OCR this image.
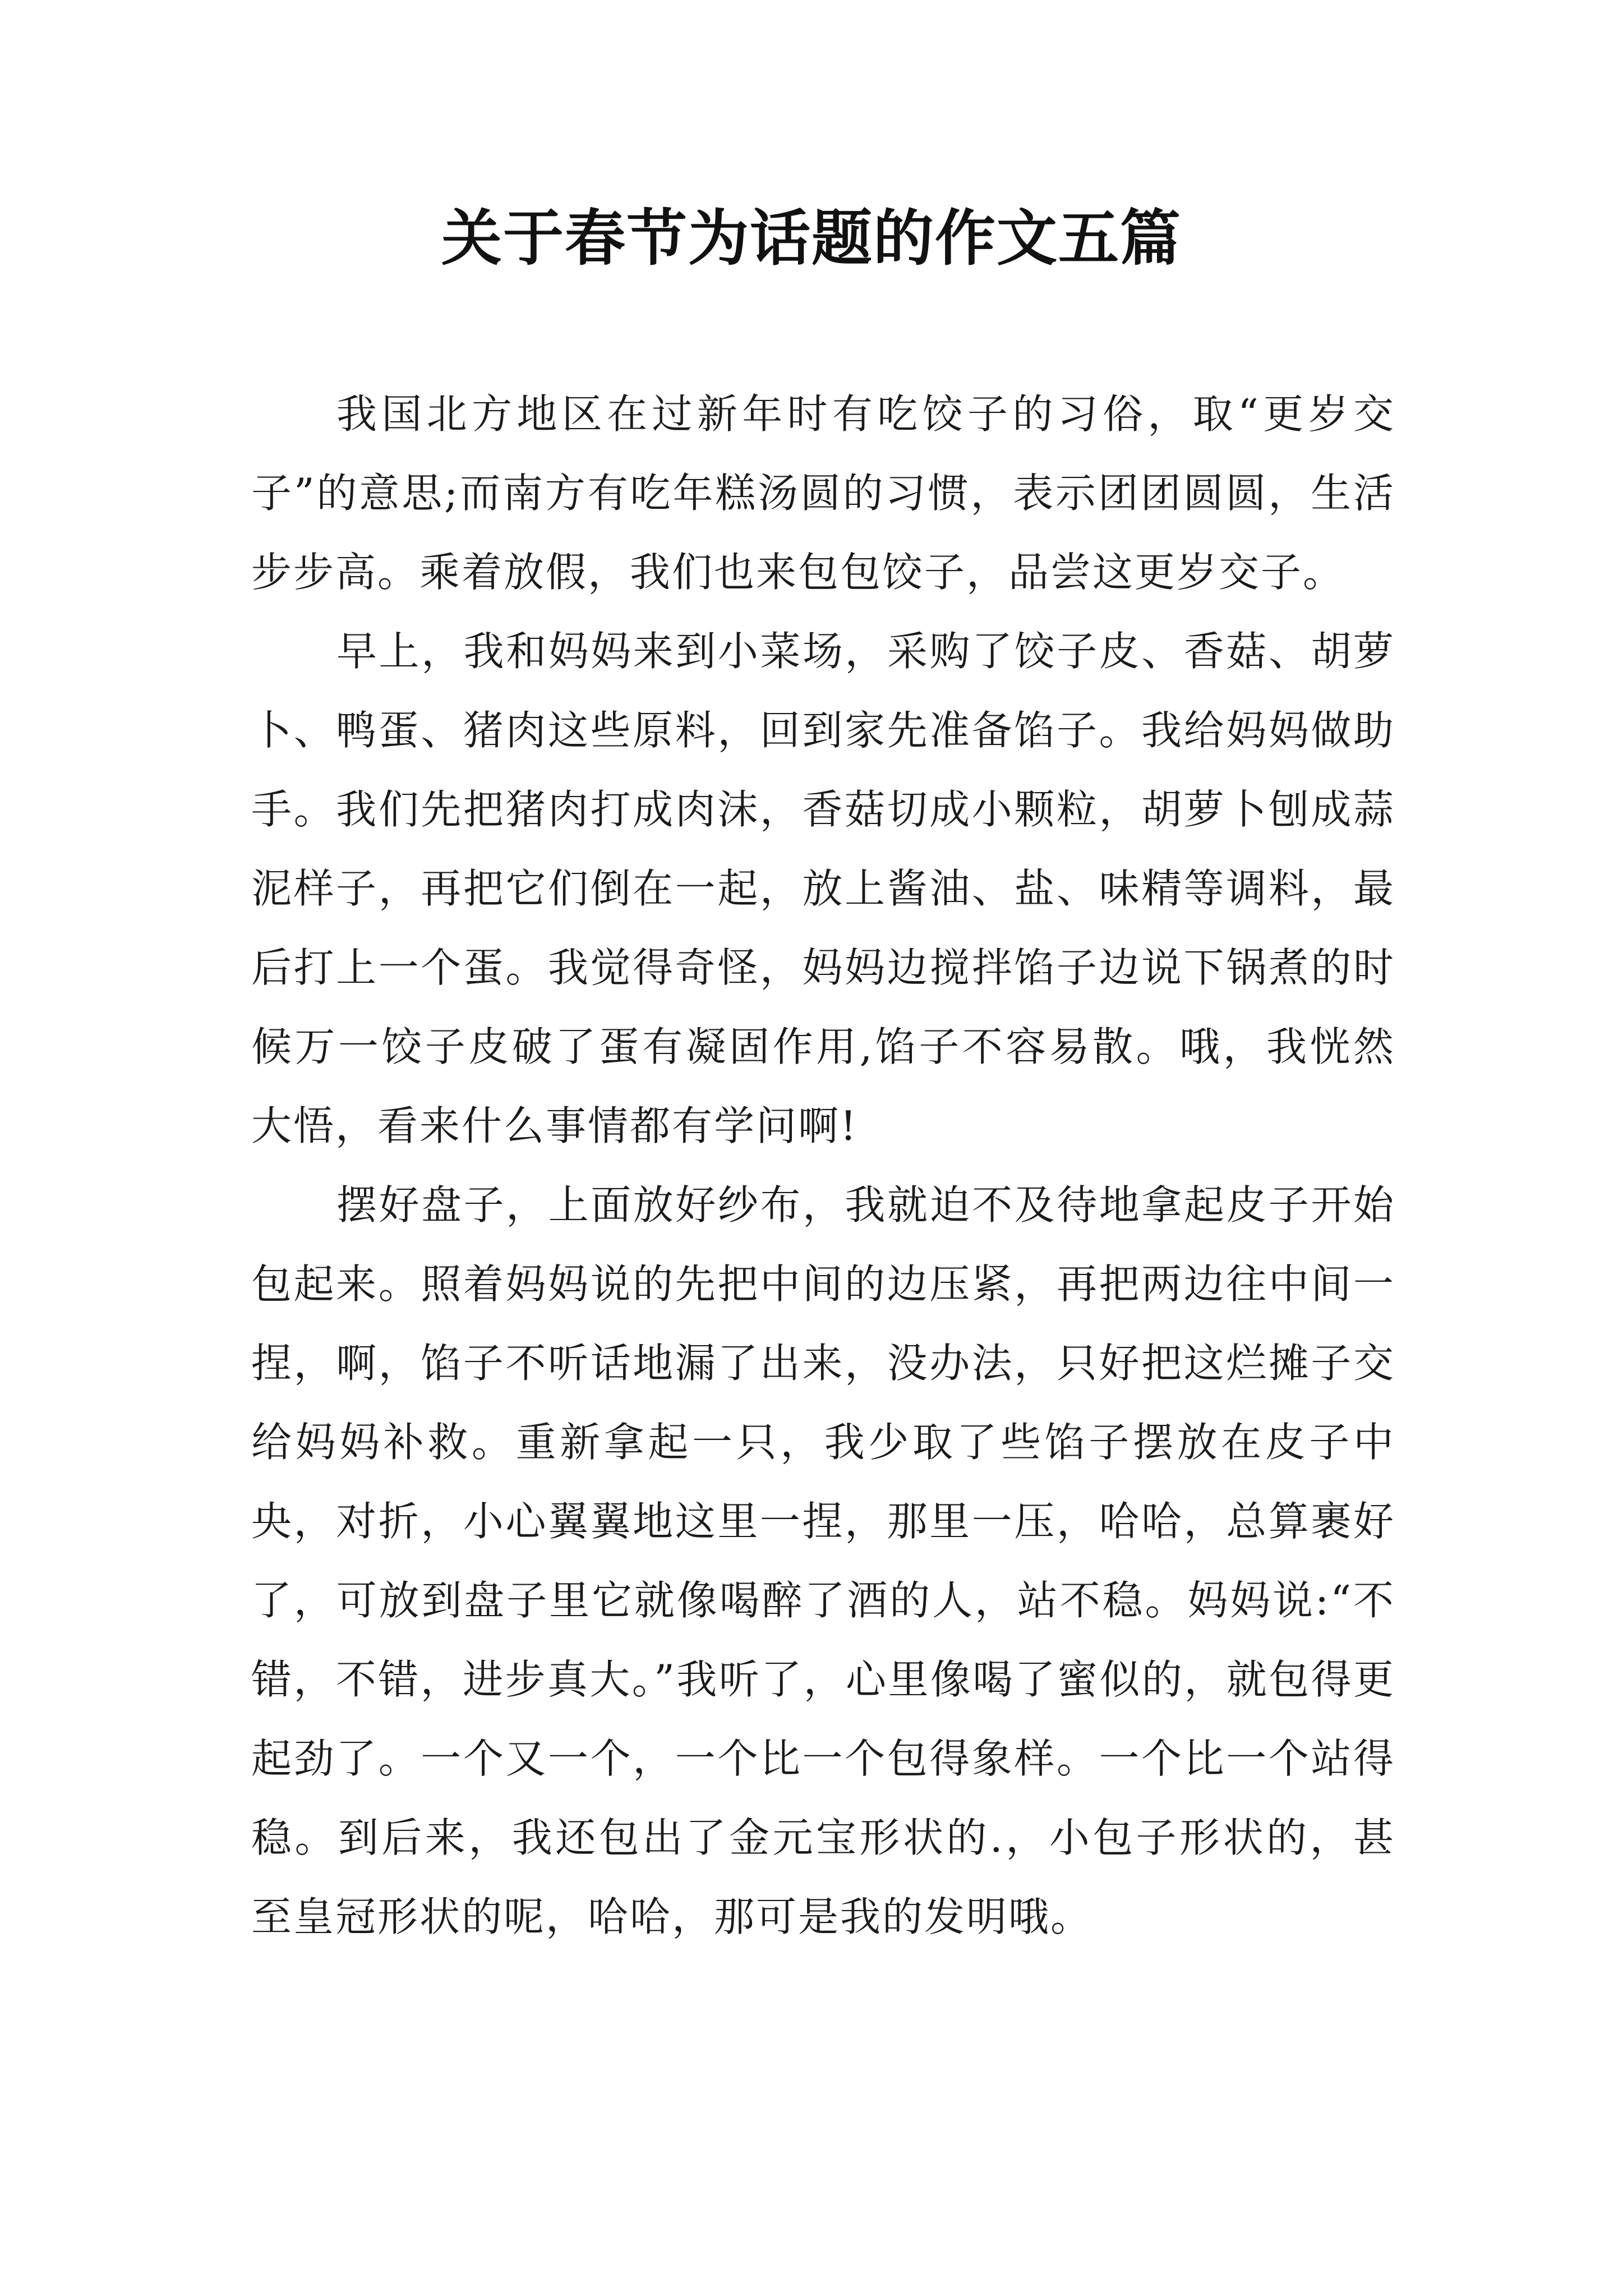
关于春节为话题的作文五篇

我国北方地区在过新年时有吃饺子的习俗，取“更岁交子”的意思;而南方有吃年糕汤圆的习惯，表示团团圆圆，生活步步高。乘着放假，我们也来包包饺子，品尝这更岁交子。

早上，我和妈妈来到小菜场，采购了饺子皮、香菇、胡萝卜、鸭蛋、猪肉这些原料，回到家先准备馅子。我给妈妈做助手。我们先把猪肉打成肉沫，香菇切成小颗粒，胡萝卜刨成蒜泥样子，再把它们倒在一起，放上酱油、盐、味精等调料，最后打上一个蛋。我觉得奇怪，妈妈边搅拌馅子边说下锅煮的时候万一饺子皮破了蛋有凝固作用,馅子不容易散。哦，我恍然大悟，看来什么事情都有学问啊!

摆好盘子，上面放好纱布，我就迫不及待地拿起皮子开始包起来。照着妈妈说的先把中间的边压紧，再把两边往中间一捏，啊，馅子不听话地漏了出来，没办法，只好把这烂摊子交给妈妈补救。重新拿起一只，我少取了些馅子摆放在皮子中央，对折，小心翼翼地这里一捏，那里一压，哈哈，总算裹好了，可放到盘子里它就像喝醉了酒的人，站不稳。妈妈说:“不错，不错，进步真大。”我听了，心里像喝了蜜似的，就包得更起劲了。一个又一个，一个比一个包得象样。一个比一个站得稳。到后来，我还包出了金元宝形状的.，小包子形状的，甚至皇冠形状的呢，哈哈，那可是我的发明哦。
